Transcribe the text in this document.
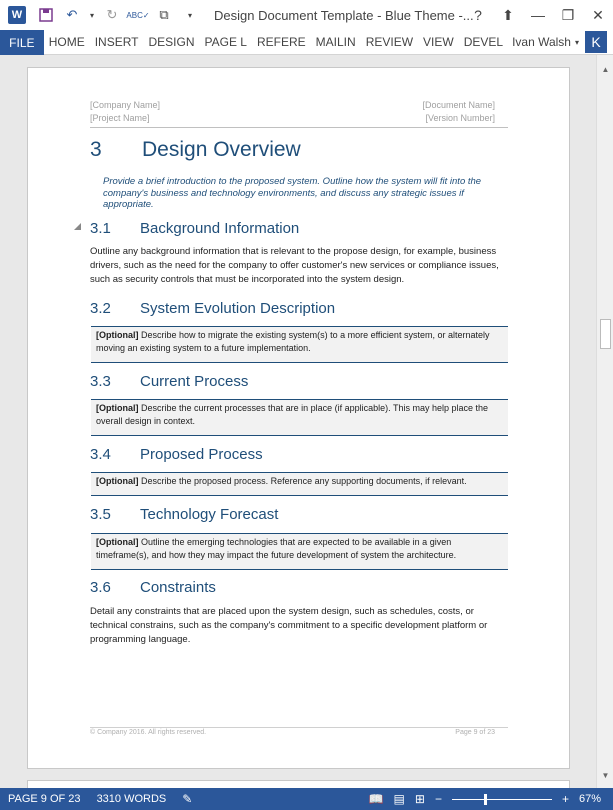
W	↶	▾ ↻	ABC✓ ⧉	▾	Design Document Template - Blue Theme -... ?	⬆	—	❐	✕
FILE	HOME INSERT DESIGN PAGE L REFERE MAILIN REVIEW VIEW DEVEL Ivan Walsh ▾ K
[Company Name]	[Document Name]
[Project Name]	[Version Number]
3	Design Overview
Provide a brief introduction to the proposed system. Outline how the system will fit into the company's business and technology environments, and discuss any strategic issues if appropriate.
3.1	Background Information
Outline any background information that is relevant to the propose design, for example, business drivers, such as the need for the company to offer customer's new services or compliance issues, such as security controls that must be incorporated into the system design.
3.2	System Evolution Description
[Optional] Describe how to migrate the existing system(s) to a more efficient system, or alternately moving an existing system to a future implementation.
3.3	Current Process
[Optional] Describe the current processes that are in place (if applicable). This may help place the overall design in context.
3.4	Proposed Process
[Optional] Describe the proposed process. Reference any supporting documents, if relevant.
3.5	Technology Forecast
[Optional] Outline the emerging technologies that are expected to be available in a given timeframe(s), and how they may impact the future development of system the architecture.
3.6	Constraints
Detail any constraints that are placed upon the system design, such as schedules, costs, or technical constrains, such as the company's commitment to a specific development platform or programming language.
© Company 2016. All rights reserved.	Page 9 of 23
▲
▼
PAGE 9 OF 23	3310 WORDS	✎	📖 ▤ ⊞ −	+ 67%
